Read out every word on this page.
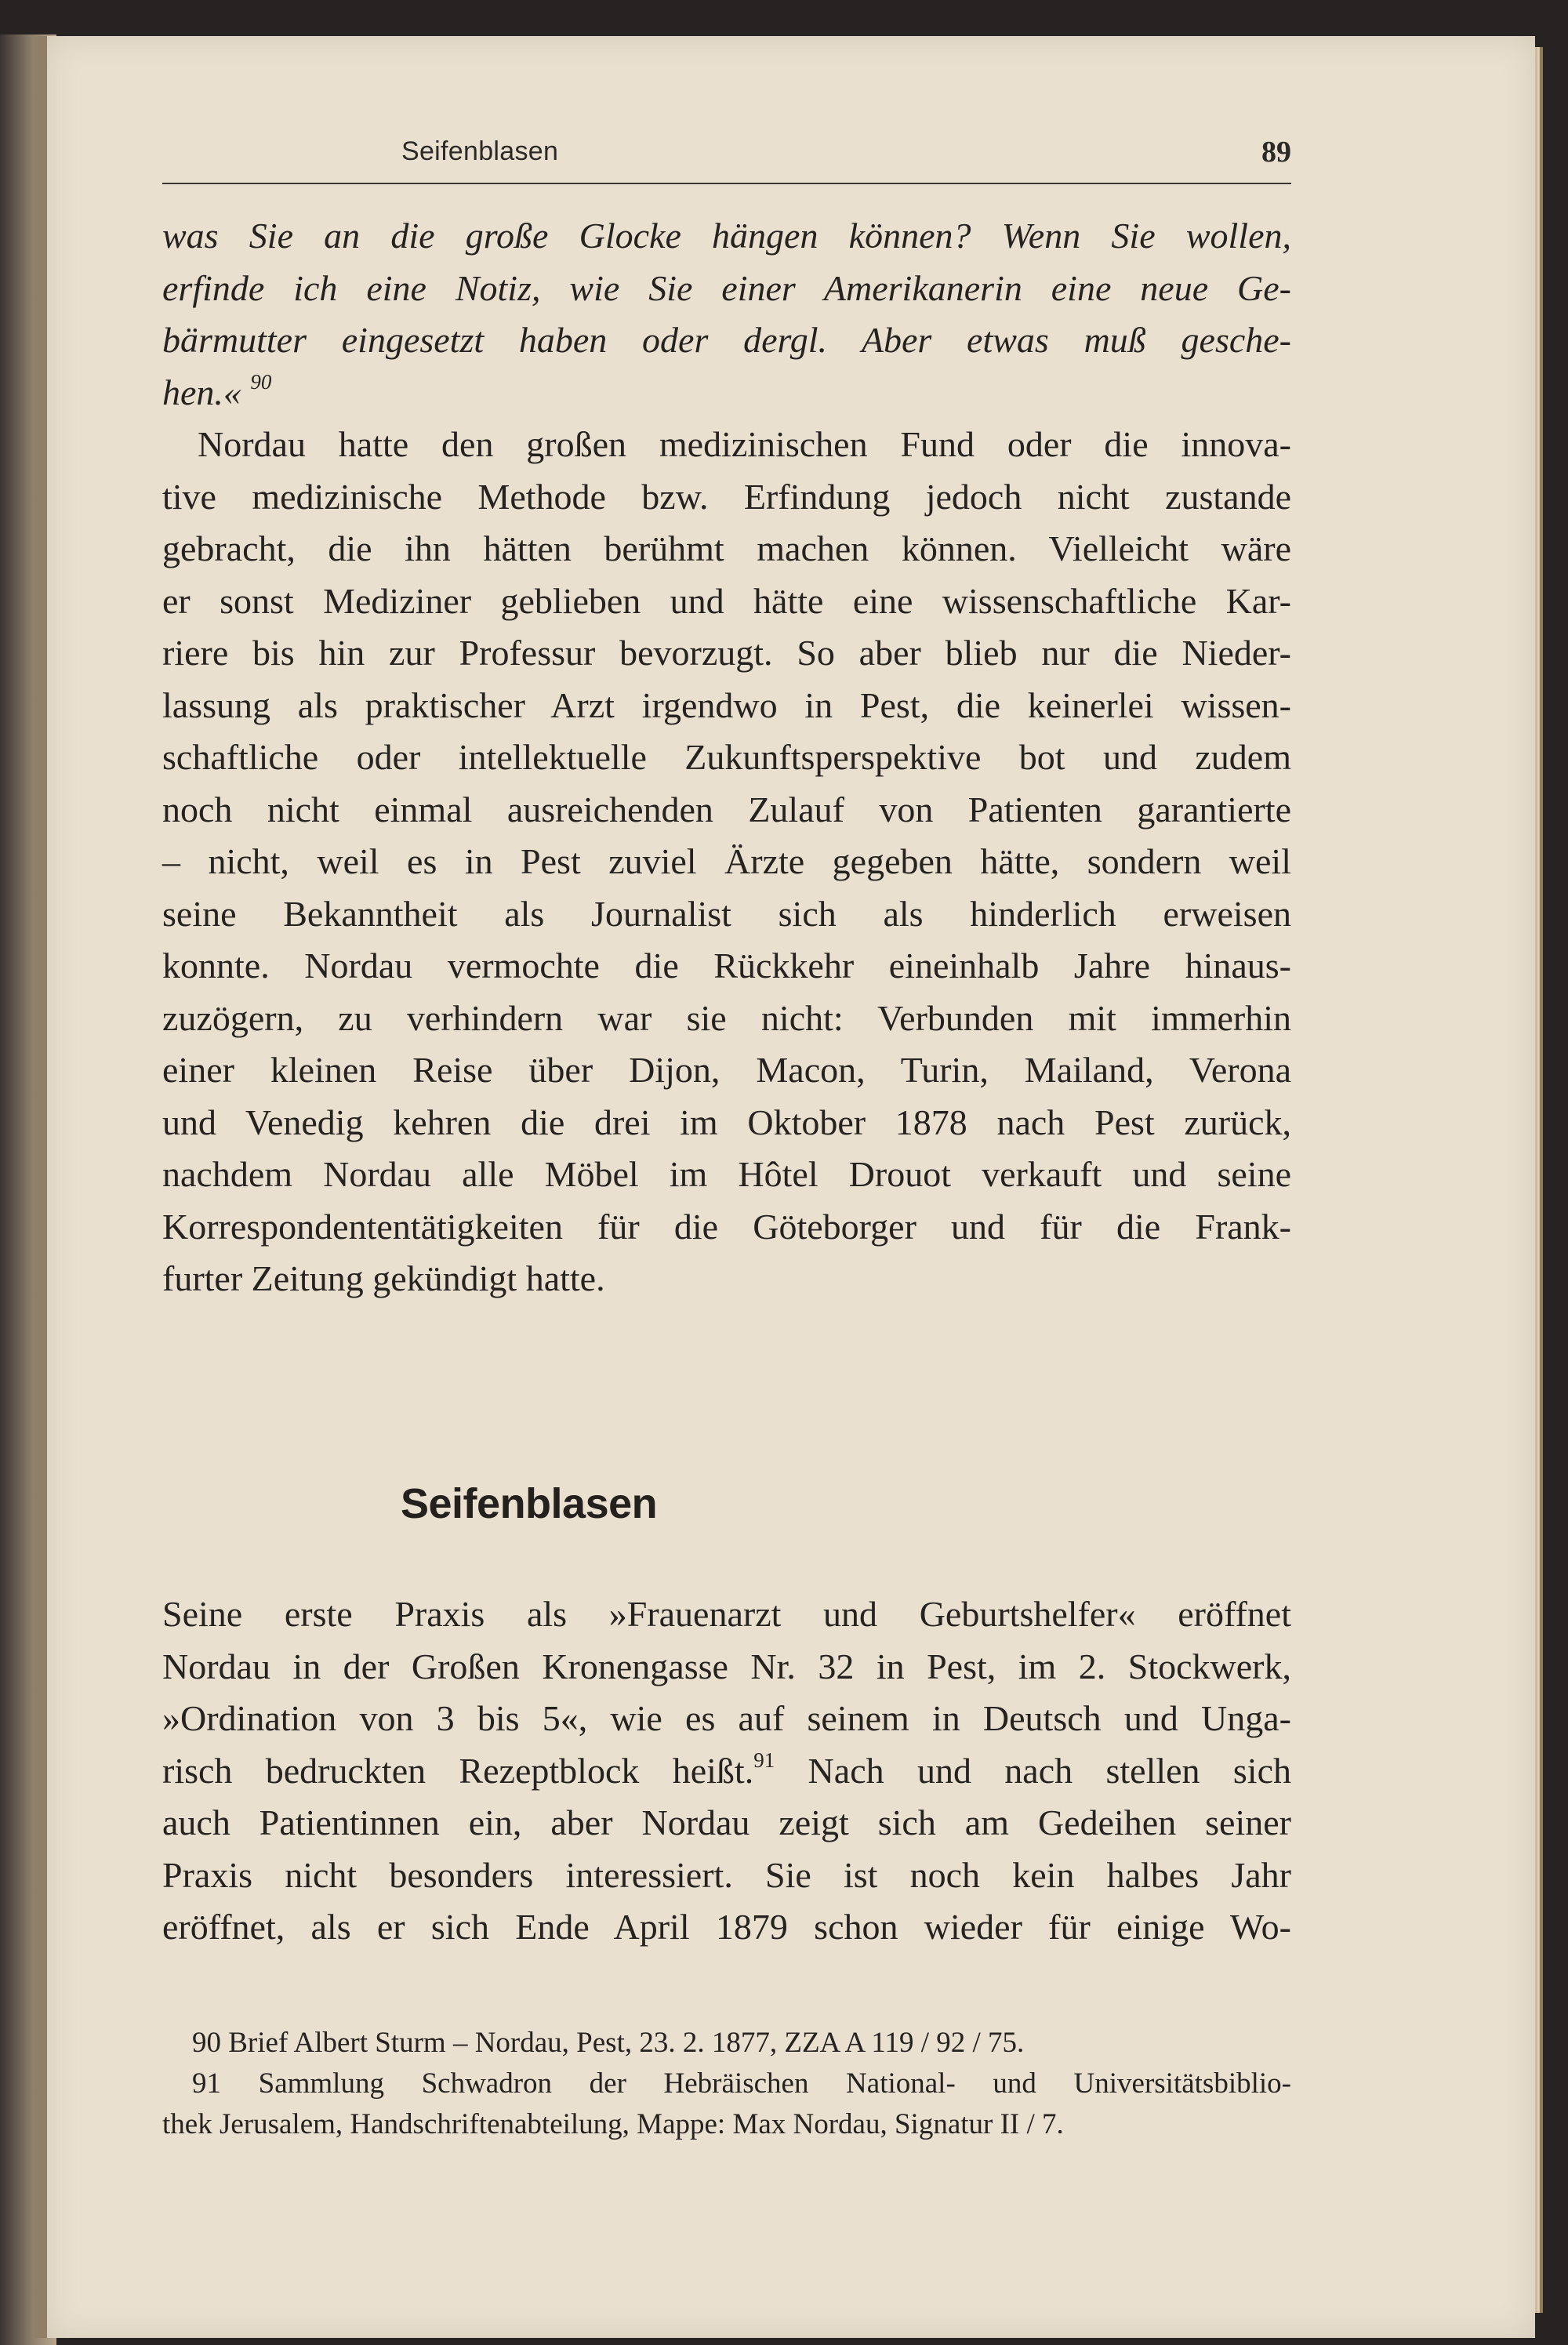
Seifenblasen	89
was Sie an die große Glocke hängen können? Wenn Sie wollen,
erfinde ich eine Notiz, wie Sie einer Amerikanerin eine neue Ge-
bärmutter eingesetzt haben oder dergl. Aber etwas muß gesche-
hen.« $^{90}$
Nordau hatte den großen medizinischen Fund oder die innova-
tive medizinische Methode bzw. Erfindung jedoch nicht zustande
gebracht, die ihn hätten berühmt machen können. Vielleicht wäre
er sonst Mediziner geblieben und hätte eine wissenschaftliche Kar-
riere bis hin zur Professur bevorzugt. So aber blieb nur die Nieder-
lassung als praktischer Arzt irgendwo in Pest, die keinerlei wissen-
schaftliche oder intellektuelle Zukunftsperspektive bot und zudem
noch nicht einmal ausreichenden Zulauf von Patienten garantierte
– nicht, weil es in Pest zuviel Ärzte gegeben hätte, sondern weil
seine Bekanntheit als Journalist sich als hinderlich erweisen
konnte. Nordau vermochte die Rückkehr eineinhalb Jahre hinaus-
zuzögern, zu verhindern war sie nicht: Verbunden mit immerhin
einer kleinen Reise über Dijon, Macon, Turin, Mailand, Verona
und Venedig kehren die drei im Oktober 1878 nach Pest zurück,
nachdem Nordau alle Möbel im Hôtel Drouot verkauft und seine
Korrespondententätigkeiten für die Göteborger und für die Frank-
furter Zeitung gekündigt hatte.
Seifenblasen
Seine erste Praxis als »Frauenarzt und Geburtshelfer« eröffnet
Nordau in der Großen Kronengasse Nr. 32 in Pest, im 2. Stockwerk,
»Ordination von 3 bis 5«, wie es auf seinem in Deutsch und Unga-
risch bedruckten Rezeptblock heißt.$^{91}$ Nach und nach stellen sich
auch Patientinnen ein, aber Nordau zeigt sich am Gedeihen seiner
Praxis nicht besonders interessiert. Sie ist noch kein halbes Jahr
eröffnet, als er sich Ende April 1879 schon wieder für einige Wo-
90 Brief Albert Sturm – Nordau, Pest, 23. 2. 1877, ZZA A 119 / 92 / 75.
91 Sammlung Schwadron der Hebräischen National- und Universitätsbiblio-
thek Jerusalem, Handschriftenabteilung, Mappe: Max Nordau, Signatur II / 7.
